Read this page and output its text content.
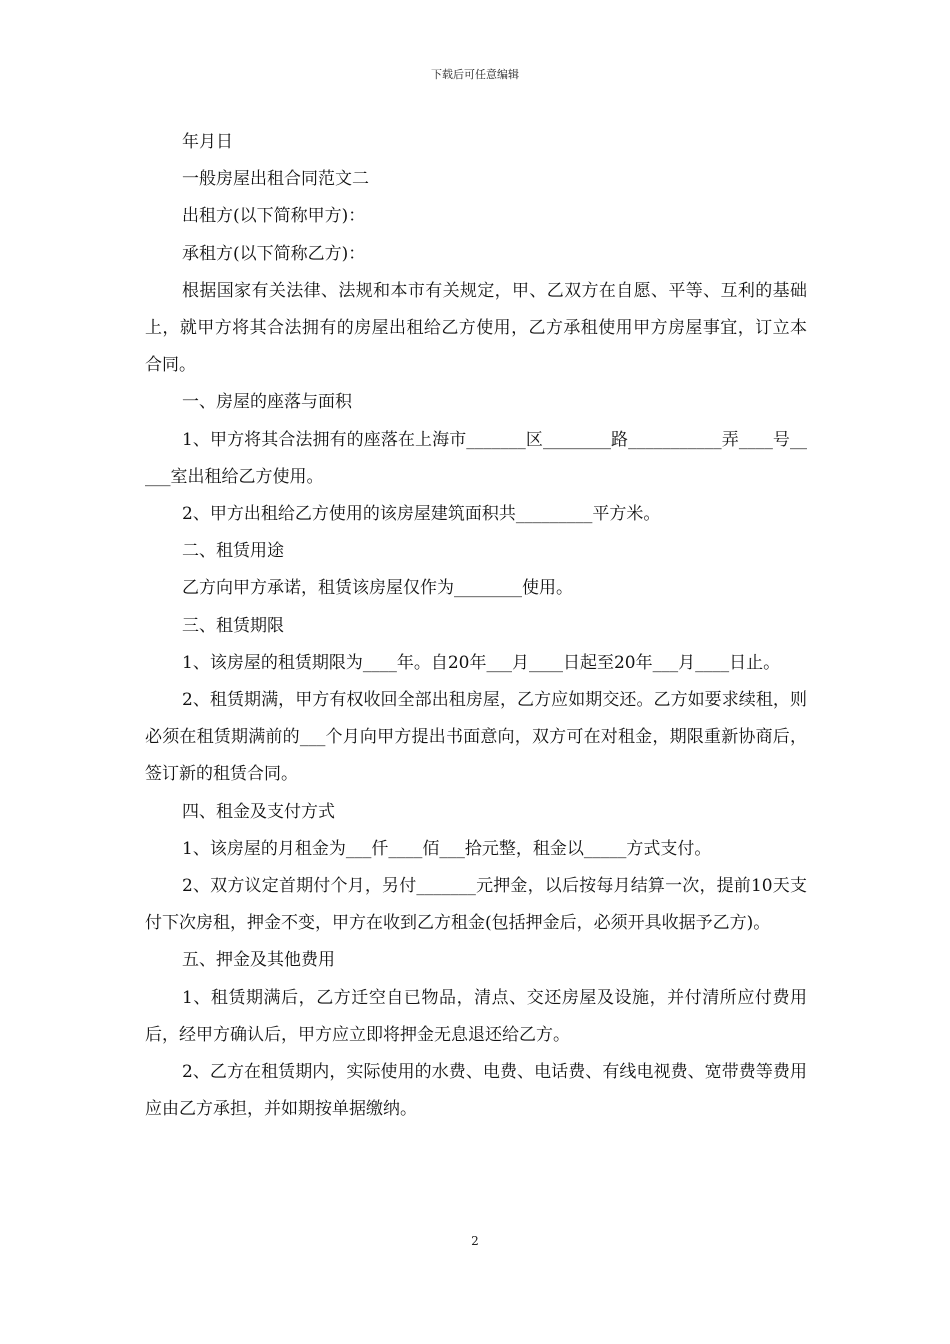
下载后可任意编辑

年月日

一般房屋出租合同范文二

出租方(以下简称甲方)：

承租方(以下简称乙方)：

根据国家有关法律、法规和本市有关规定，甲、乙双方在自愿、平等、互利的基础上，就甲方将其合法拥有的房屋出租给乙方使用，乙方承租使用甲方房屋事宜，订立本合同。

一、房屋的座落与面积

1、甲方将其合法拥有的座落在上海市_______区________路___________弄____号_____室出租给乙方使用。

2、甲方出租给乙方使用的该房屋建筑面积共_________平方米。

二、租赁用途

乙方向甲方承诺，租赁该房屋仅作为________使用。

三、租赁期限

1、该房屋的租赁期限为____年。自20年___月____日起至20年___月____日止。

2、租赁期满，甲方有权收回全部出租房屋，乙方应如期交还。乙方如要求续租，则必须在租赁期满前的___个月向甲方提出书面意向，双方可在对租金，期限重新协商后，签订新的租赁合同。

四、租金及支付方式

1、该房屋的月租金为___仟____佰___拾元整，租金以_____方式支付。

2、双方议定首期付个月，另付_______元押金，以后按每月结算一次，提前10天支付下次房租，押金不变，甲方在收到乙方租金(包括押金后，必须开具收据予乙方)。

五、押金及其他费用

1、租赁期满后，乙方迁空自已物品，清点、交还房屋及设施，并付清所应付费用后，经甲方确认后，甲方应立即将押金无息退还给乙方。

2、乙方在租赁期内，实际使用的水费、电费、电话费、有线电视费、宽带费等费用应由乙方承担，并如期按单据缴纳。

2
